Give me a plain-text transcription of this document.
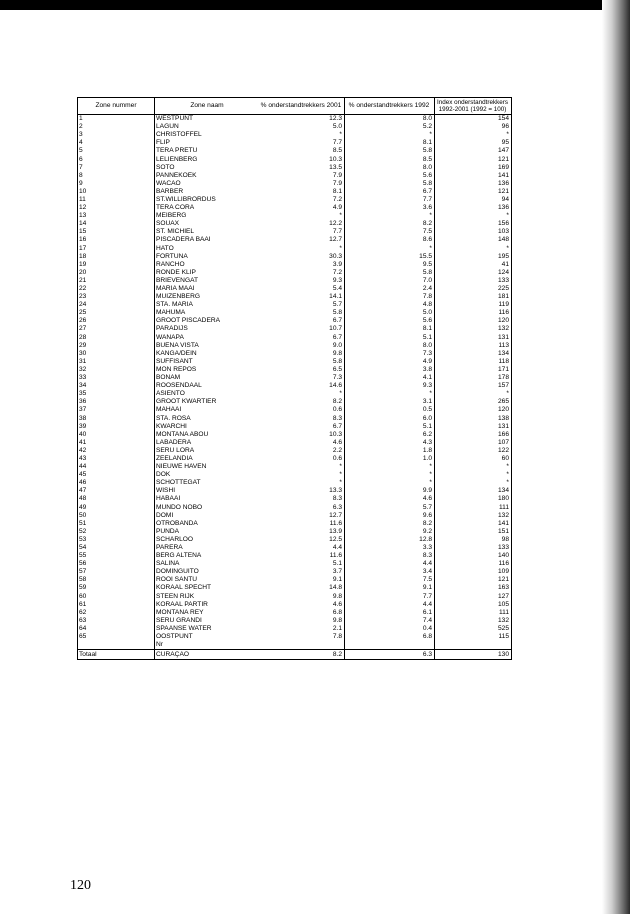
Zone nummer	Zone naam	% onderstandtrekkers 2001	% onderstandtrekkers 1992	Index onderstandtrekkers
1992-2001 (1992 = 100)
1	WESTPUNT	12.3	8.0	154
2	LAGUN	5.0	5.2	96
3	CHRISTOFFEL	*	*	*
4	FLIP	7.7	8.1	95
5	TERA PRETU	8.5	5.8	147
6	LELIENBERG	10.3	8.5	121
7	SOTO	13.5	8.0	169
8	PANNEKOEK	7.9	5.6	141
9	WACAO	7.9	5.8	136
10	BARBER	8.1	6.7	121
11	ST.WILLIBRORDUS	7.2	7.7	94
12	TERA CORA	4.9	3.6	136
13	MEIBERG	*	*	*
14	SOUAX	12.2	8.2	156
15	ST. MICHIEL	7.7	7.5	103
16	PISCADERA BAAI	12.7	8.6	148
17	HATO	*	*	*
18	FORTUNA	30.3	15.5	195
19	RANCHO	3.9	9.5	41
20	RONDE KLIP	7.2	5.8	124
21	BRIEVENGAT	9.3	7.0	133
22	MARIA MAAI	5.4	2.4	225
23	MUIZENBERG	14.1	7.8	181
24	STA. MARIA	5.7	4.8	119
25	MAHUMA	5.8	5.0	116
26	GROOT PISCADERA	6.7	5.6	120
27	PARADIJS	10.7	8.1	132
28	WANAPA	6.7	5.1	131
29	BUENA VISTA	9.0	8.0	113
30	KANGA/DEIN	9.8	7.3	134
31	SUFFISANT	5.8	4.9	118
32	MON REPOS	6.5	3.8	171
33	BONAM	7.3	4.1	178
34	ROOSENDAAL	14.6	9.3	157
35	ASIENTO	*	*	*
36	GROOT KWARTIER	8.2	3.1	265
37	MAHAAI	0.6	0.5	120
38	STA. ROSA	8.3	6.0	138
39	KWARCHI	6.7	5.1	131
40	MONTANA ABOU	10.3	6.2	166
41	LABADERA	4.6	4.3	107
42	SERU LORA	2.2	1.8	122
43	ZEELANDIA	0.6	1.0	60
44	NIEUWE HAVEN	*	*	*
45	DOK	*	*	*
46	SCHOTTEGAT	*	*	*
47	WISHI	13.3	9.9	134
48	HABAAI	8.3	4.6	180
49	MUNDO NOBO	6.3	5.7	111
50	DOMI	12.7	9.6	132
51	OTROBANDA	11.6	8.2	141
52	PUNDA	13.9	9.2	151
53	SCHARLOO	12.5	12.8	98
54	PARERA	4.4	3.3	133
55	BERG ALTENA	11.6	8.3	140
56	SALINA	5.1	4.4	116
57	DOMINGUITO	3.7	3.4	109
58	ROOI SANTU	9.1	7.5	121
59	KORAAL SPECHT	14.8	9.1	163
60	STEEN RIJK	9.8	7.7	127
61	KORAAL PARTIR	4.6	4.4	105
62	MONTANA REY	6.8	6.1	111
63	SERU GRANDI	9.8	7.4	132
64	SPAANSE WATER	2.1	0.4	525
65	OOSTPUNT	7.8	6.8	115
	Nr			
Totaal	CURAÇAO	8.2	6.3	130
120
